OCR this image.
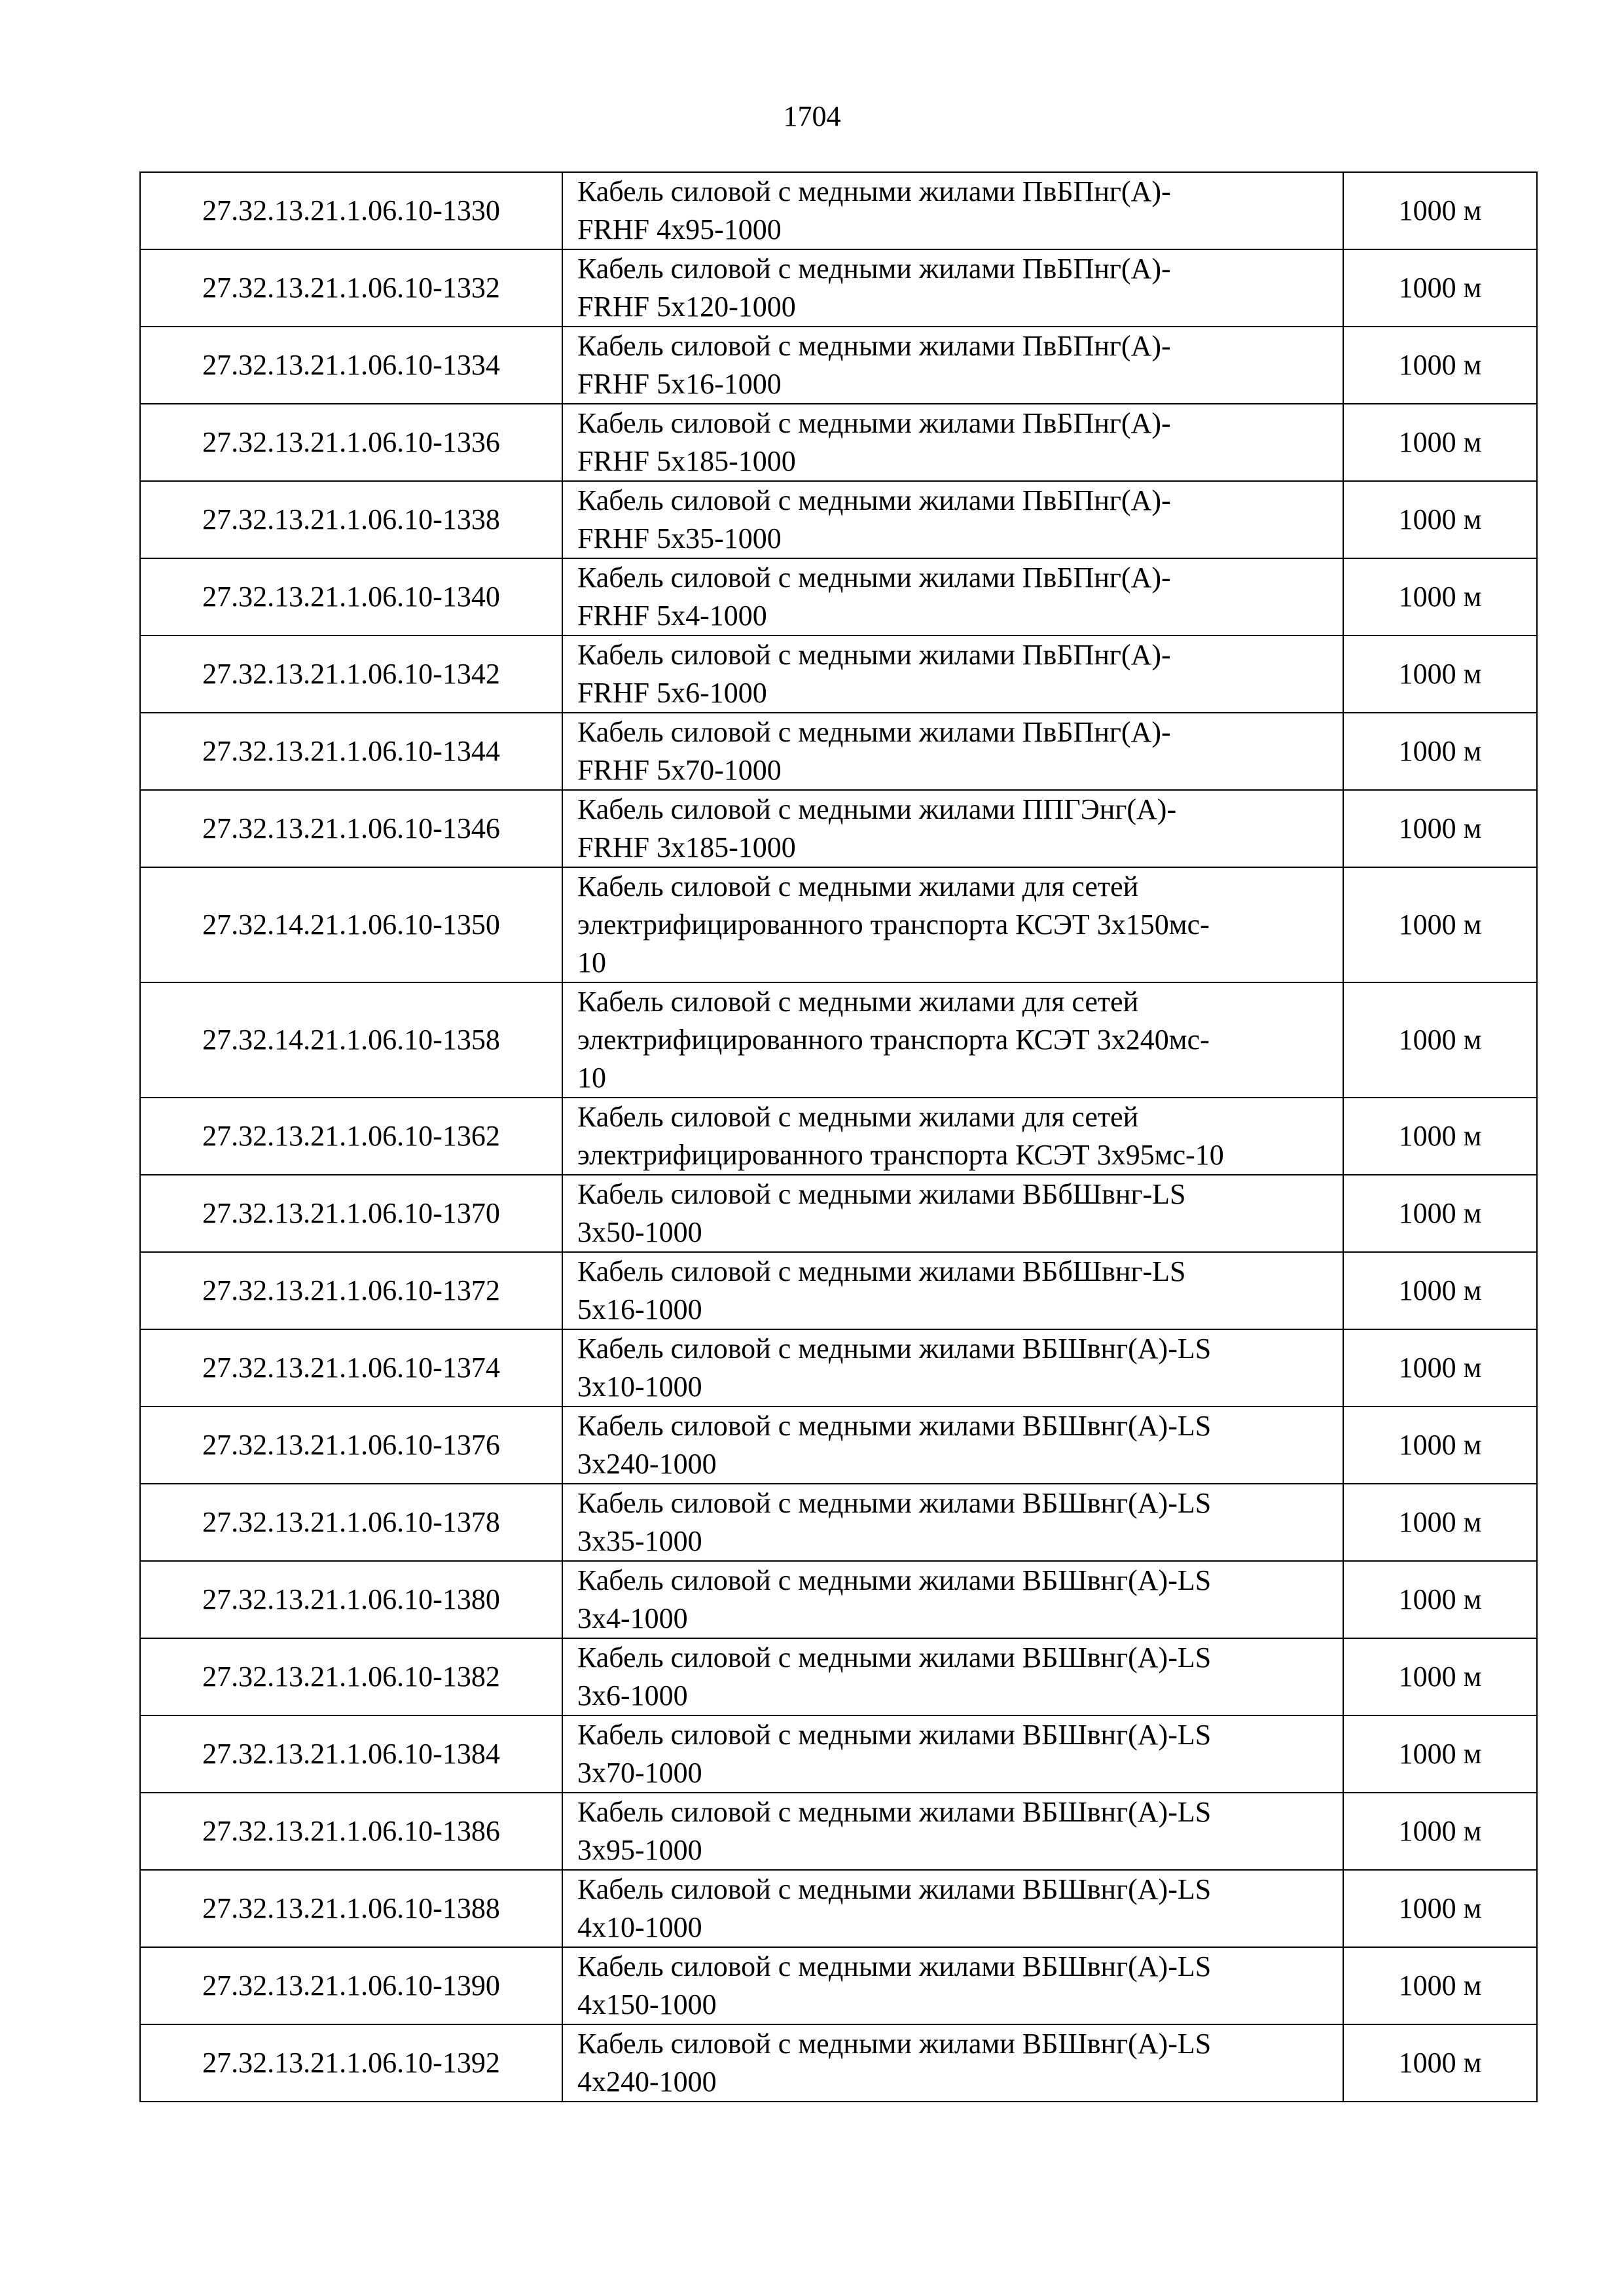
1704
27.32.13.21.1.06.10-1330	Кабель силовой с медными жилами ПвБПнг(А)-
FRHF 4x95-1000	1000 м
27.32.13.21.1.06.10-1332	Кабель силовой с медными жилами ПвБПнг(А)-
FRHF 5x120-1000	1000 м
27.32.13.21.1.06.10-1334	Кабель силовой с медными жилами ПвБПнг(А)-
FRHF 5x16-1000	1000 м
27.32.13.21.1.06.10-1336	Кабель силовой с медными жилами ПвБПнг(А)-
FRHF 5x185-1000	1000 м
27.32.13.21.1.06.10-1338	Кабель силовой с медными жилами ПвБПнг(А)-
FRHF 5x35-1000	1000 м
27.32.13.21.1.06.10-1340	Кабель силовой с медными жилами ПвБПнг(А)-
FRHF 5x4-1000	1000 м
27.32.13.21.1.06.10-1342	Кабель силовой с медными жилами ПвБПнг(А)-
FRHF 5x6-1000	1000 м
27.32.13.21.1.06.10-1344	Кабель силовой с медными жилами ПвБПнг(А)-
FRHF 5x70-1000	1000 м
27.32.13.21.1.06.10-1346	Кабель силовой с медными жилами ППГЭнг(А)-
FRHF 3x185-1000	1000 м
27.32.14.21.1.06.10-1350	Кабель силовой с медными жилами для сетей
электрифицированного транспорта КСЭТ 3x150мс-
10	1000 м
27.32.14.21.1.06.10-1358	Кабель силовой с медными жилами для сетей
электрифицированного транспорта КСЭТ 3x240мс-
10	1000 м
27.32.13.21.1.06.10-1362	Кабель силовой с медными жилами для сетей
электрифицированного транспорта КСЭТ 3x95мс-10	1000 м
27.32.13.21.1.06.10-1370	Кабель силовой с медными жилами ВБбШвнг-LS
3x50-1000	1000 м
27.32.13.21.1.06.10-1372	Кабель силовой с медными жилами ВБбШвнг-LS
5x16-1000	1000 м
27.32.13.21.1.06.10-1374	Кабель силовой с медными жилами ВБШвнг(А)-LS
3x10-1000	1000 м
27.32.13.21.1.06.10-1376	Кабель силовой с медными жилами ВБШвнг(А)-LS
3x240-1000	1000 м
27.32.13.21.1.06.10-1378	Кабель силовой с медными жилами ВБШвнг(А)-LS
3x35-1000	1000 м
27.32.13.21.1.06.10-1380	Кабель силовой с медными жилами ВБШвнг(А)-LS
3x4-1000	1000 м
27.32.13.21.1.06.10-1382	Кабель силовой с медными жилами ВБШвнг(А)-LS
3x6-1000	1000 м
27.32.13.21.1.06.10-1384	Кабель силовой с медными жилами ВБШвнг(А)-LS
3x70-1000	1000 м
27.32.13.21.1.06.10-1386	Кабель силовой с медными жилами ВБШвнг(А)-LS
3x95-1000	1000 м
27.32.13.21.1.06.10-1388	Кабель силовой с медными жилами ВБШвнг(А)-LS
4x10-1000	1000 м
27.32.13.21.1.06.10-1390	Кабель силовой с медными жилами ВБШвнг(А)-LS
4x150-1000	1000 м
27.32.13.21.1.06.10-1392	Кабель силовой с медными жилами ВБШвнг(А)-LS
4x240-1000	1000 м
